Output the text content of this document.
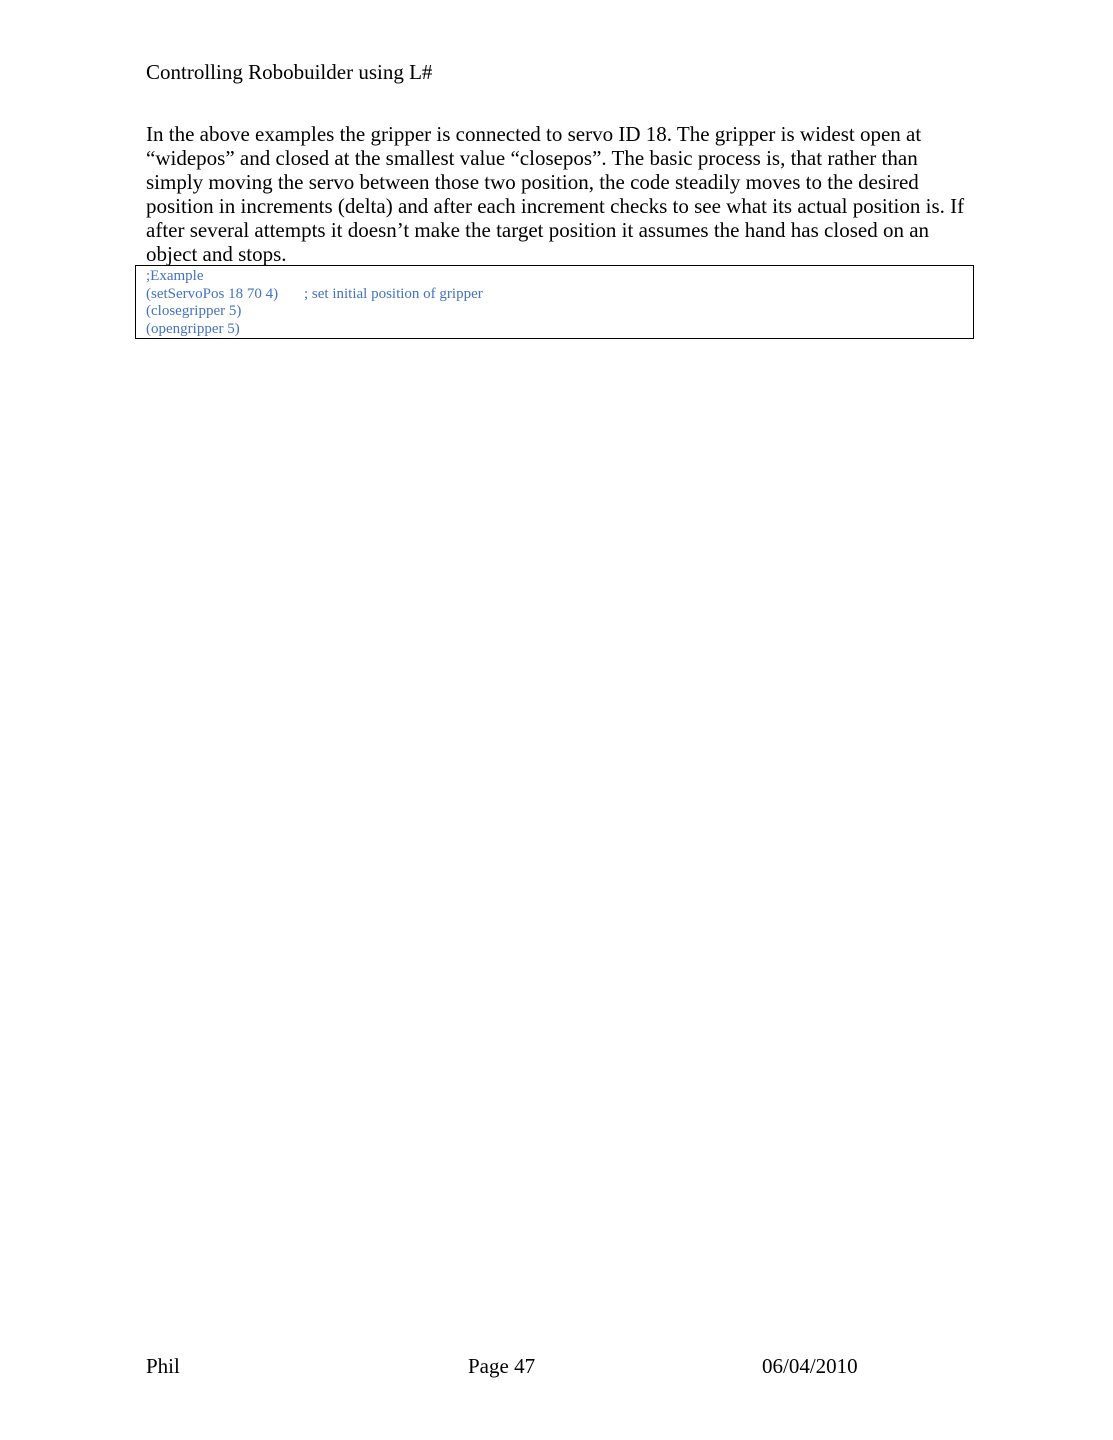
Controlling Robobuilder using L#
In the above examples the gripper is connected to servo ID 18. The gripper is widest open at “widepos” and closed at the smallest value “closepos”. The basic process is, that rather than simply moving the servo between those two position, the code steadily moves to the desired position in increments (delta) and after each increment checks to see what its actual position is. If after several attempts it doesn’t make the target position it assumes the hand has closed on an object and stops.
;Example
(setServoPos 18 70 4)	; set initial position of gripper
(closegripper 5)
(opengripper 5)
Phil	Page 47	06/04/2010
